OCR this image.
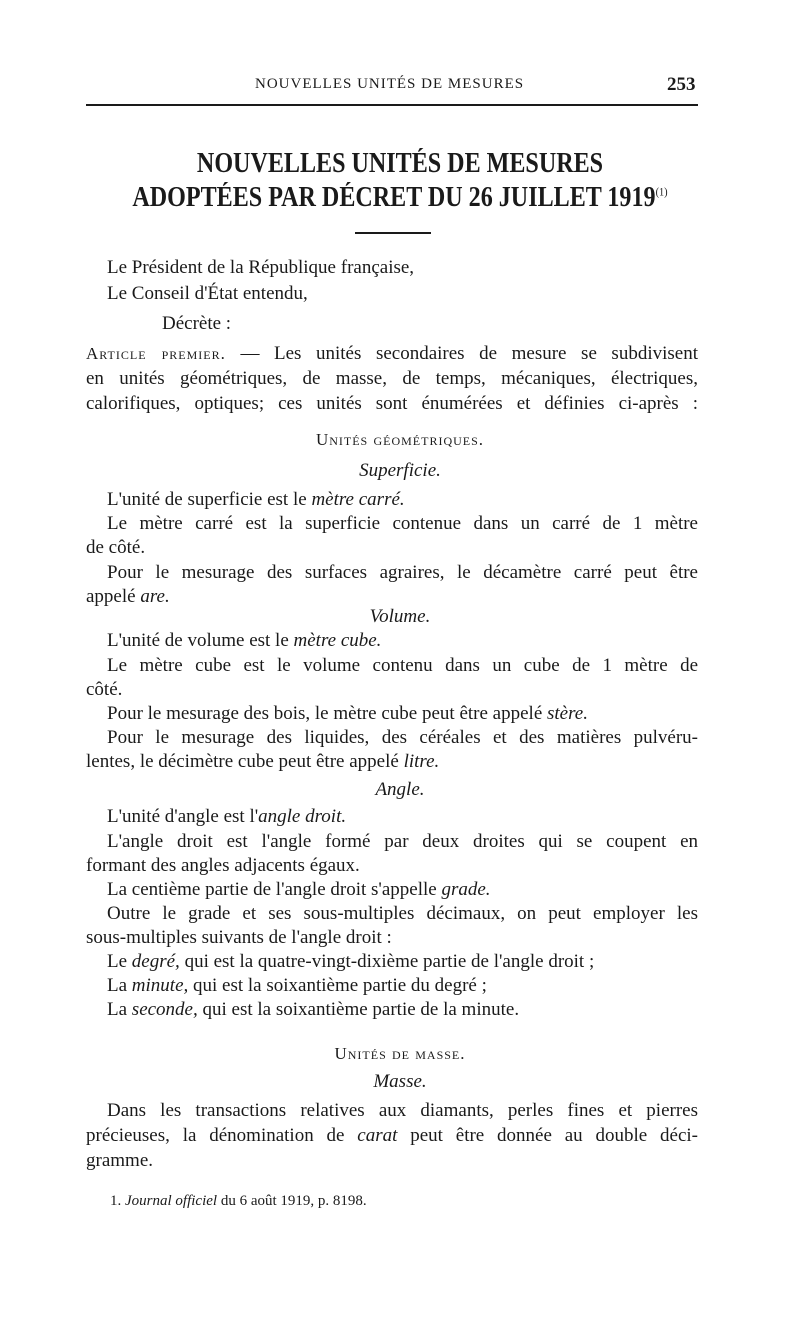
NOUVELLES UNITÉS DE MESURES	253
NOUVELLES UNITÉS DE MESURES
ADOPTÉES PAR DÉCRET DU 26 JUILLET 1919$^{(1)}$
Le Président de la République française,
Le Conseil d'État entendu,
Décrète :
Article premier. — Les unités secondaires de mesure se subdivisent
en unités géométriques, de masse, de temps, mécaniques, électriques,
calorifiques, optiques; ces unités sont énumérées et définies ci-après :
Unités géométriques.
Superficie.
L'unité de superficie est le mètre carré.
Le mètre carré est la superficie contenue dans un carré de 1 mètre
de côté.
Pour le mesurage des surfaces agraires, le décamètre carré peut être
appelé are.
Volume.
L'unité de volume est le mètre cube.
Le mètre cube est le volume contenu dans un cube de 1 mètre de
côté.
Pour le mesurage des bois, le mètre cube peut être appelé stère.
Pour le mesurage des liquides, des céréales et des matières pulvéru-
lentes, le décimètre cube peut être appelé litre.
Angle.
L'unité d'angle est l'angle droit.
L'angle droit est l'angle formé par deux droites qui se coupent en
formant des angles adjacents égaux.
La centième partie de l'angle droit s'appelle grade.
Outre le grade et ses sous-multiples décimaux, on peut employer les
sous-multiples suivants de l'angle droit :
Le degré, qui est la quatre-vingt-dixième partie de l'angle droit ;
La minute, qui est la soixantième partie du degré ;
La seconde, qui est la soixantième partie de la minute.
Unités de masse.
Masse.
Dans les transactions relatives aux diamants, perles fines et pierres
précieuses, la dénomination de carat peut être donnée au double déci-
gramme.
1. Journal officiel du 6 août 1919, p. 8198.
